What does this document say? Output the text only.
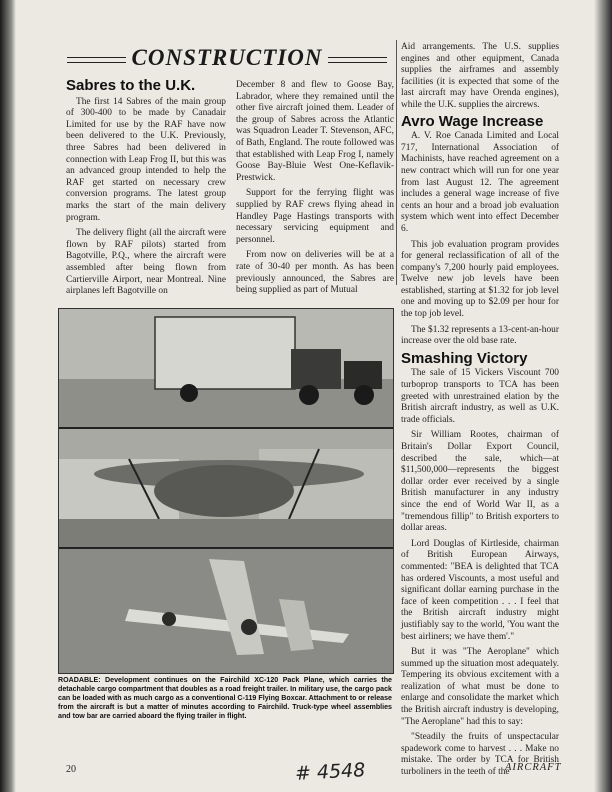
CONSTRUCTION
Sabres to the U.K.

The first 14 Sabres of the main group of 300-400 to be made by Canadair Limited for use by the RAF have now been delivered to the U.K. Previously, three Sabres had been delivered in connection with Leap Frog II, but this was an advanced group intended to help the RAF get started on necessary crew conversion programs. The latest group marks the start of the main delivery program.

The delivery flight (all the aircraft were flown by RAF pilots) started from Bagotville, P.Q., where the aircraft were assembled after being flown from Cartierville Airport, near Montreal. Nine airplanes left Bagotville on

December 8 and flew to Goose Bay, Labrador, where they remained until the other five aircraft joined them. Leader of the group of Sabres across the Atlantic was Squadron Leader T. Stevenson, AFC, of Bath, England. The route followed was that established with Leap Frog I, namely Goose Bay-Bluie West One-Keflavik-Prestwick.

Support for the ferrying flight was supplied by RAF crews flying ahead in Handley Page Hastings transports with necessary servicing equipment and personnel.

From now on deliveries will be at a rate of 30-40 per month. As has been previously announced, the Sabres are being supplied as part of Mutual

Aid arrangements. The U.S. supplies engines and other equipment, Canada supplies the airframes and assembly facilities (it is expected that some of the last aircraft may have Orenda engines), while the U.K. supplies the aircrews.

Avro Wage Increase

A. V. Roe Canada Limited and Local 717, International Association of Machinists, have reached agreement on a new contract which will run for one year from last August 12. The agreement includes a general wage increase of five cents an hour and a broad job evaluation system which went into effect December 6.

This job evaluation program provides for general reclassification of all of the company's 7,200 hourly paid employees. Twelve new job levels have been established, starting at $1.32 for job level one and moving up to $2.09 per hour for the top job level.

The $1.32 represents a 13-cent-an-hour increase over the old base rate.

Smashing Victory

The sale of 15 Vickers Viscount 700 turboprop transports to TCA has been greeted with unrestrained elation by the British aircraft industry, as well as U.K. trade officials.

Sir William Rootes, chairman of Britain's Dollar Export Council, described the sale, which—at $11,500,000—represents the biggest dollar order ever received by a single British manufacturer in any industry since the end of World War II, as a "tremendous fillip" to British exporters to dollar areas.

Lord Douglas of Kirtleside, chairman of British European Airways, commented: "BEA is delighted that TCA has ordered Viscounts, a most useful and significant dollar earning purchase in the face of keen competition . . . I feel that the British aircraft industry might justifiably say to the world, 'You want the best airliners; we have them'."

But it was "The Aeroplane" which summed up the situation most adequately. Tempering its obvious excitement with a realization of what must be done to enlarge and consolidate the market which the British aircraft industry is developing, "The Aeroplane" had this to say:

"Steadily the fruits of unspectacular spadework come to harvest . . . Make no mistake. The order by TCA for British turboliners in the teeth of the

ROADABLE: Development continues on the Fairchild XC-120 Pack Plane, which carries the detachable cargo compartment that doubles as a road freight trailer. In military use, the cargo pack can be loaded with as much cargo as a conventional C-119 Flying Boxcar. Attachment to or release from the aircraft is but a matter of minutes according to Fairchild. Truck-type wheel assemblies and tow bar are carried aboard the flying trailer in flight.
20	# 4548	AIRCRAFT
